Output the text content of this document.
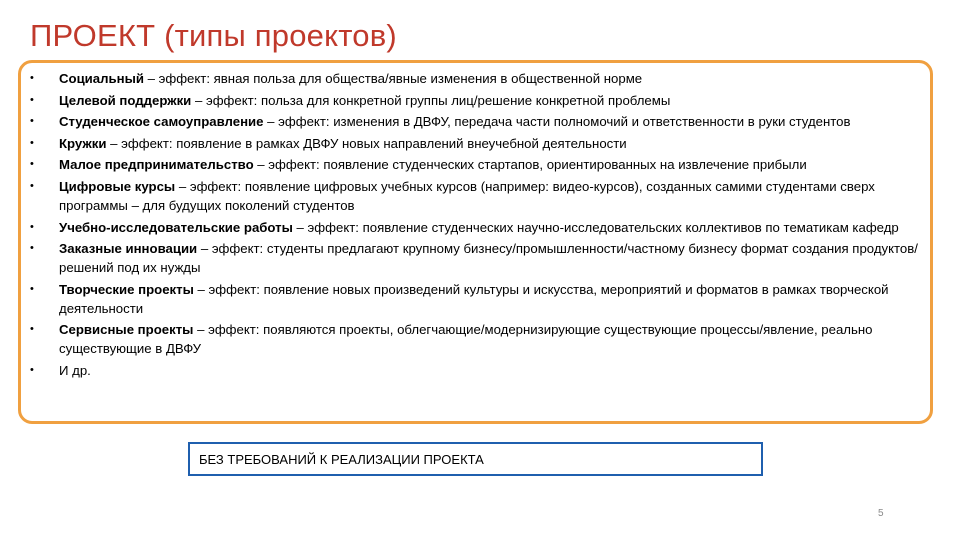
ПРОЕКТ (типы проектов)
• Социальный – эффект: явная польза для общества/явные изменения в общественной норме
• Целевой поддержки – эффект: польза для конкретной группы лиц/решение конкретной проблемы
• Студенческое самоуправление – эффект: изменения в ДВФУ, передача части полномочий и ответственности в руки студентов
• Кружки – эффект: появление в рамках ДВФУ новых направлений внеучебной деятельности
• Малое предпринимательство – эффект: появление студенческих стартапов, ориентированных на извлечение прибыли
• Цифровые курсы – эффект: появление цифровых учебных курсов (например: видео-курсов), созданных самими студентами сверх программы – для будущих поколений студентов
• Учебно-исследовательские работы – эффект: появление студенческих научно-исследовательских коллективов по тематикам кафедр
• Заказные инновации – эффект: студенты предлагают крупному бизнесу/промышленности/частному бизнесу формат создания продуктов/решений под их нужды
• Творческие проекты – эффект: появление новых произведений культуры и искусства, мероприятий и форматов в рамках творческой деятельности
• Сервисные проекты – эффект: появляются проекты, облегчающие/модернизирующие существующие процессы/явление, реально существующие в ДВФУ
• И др.
БЕЗ ТРЕБОВАНИЙ К РЕАЛИЗАЦИИ ПРОЕКТА
5
